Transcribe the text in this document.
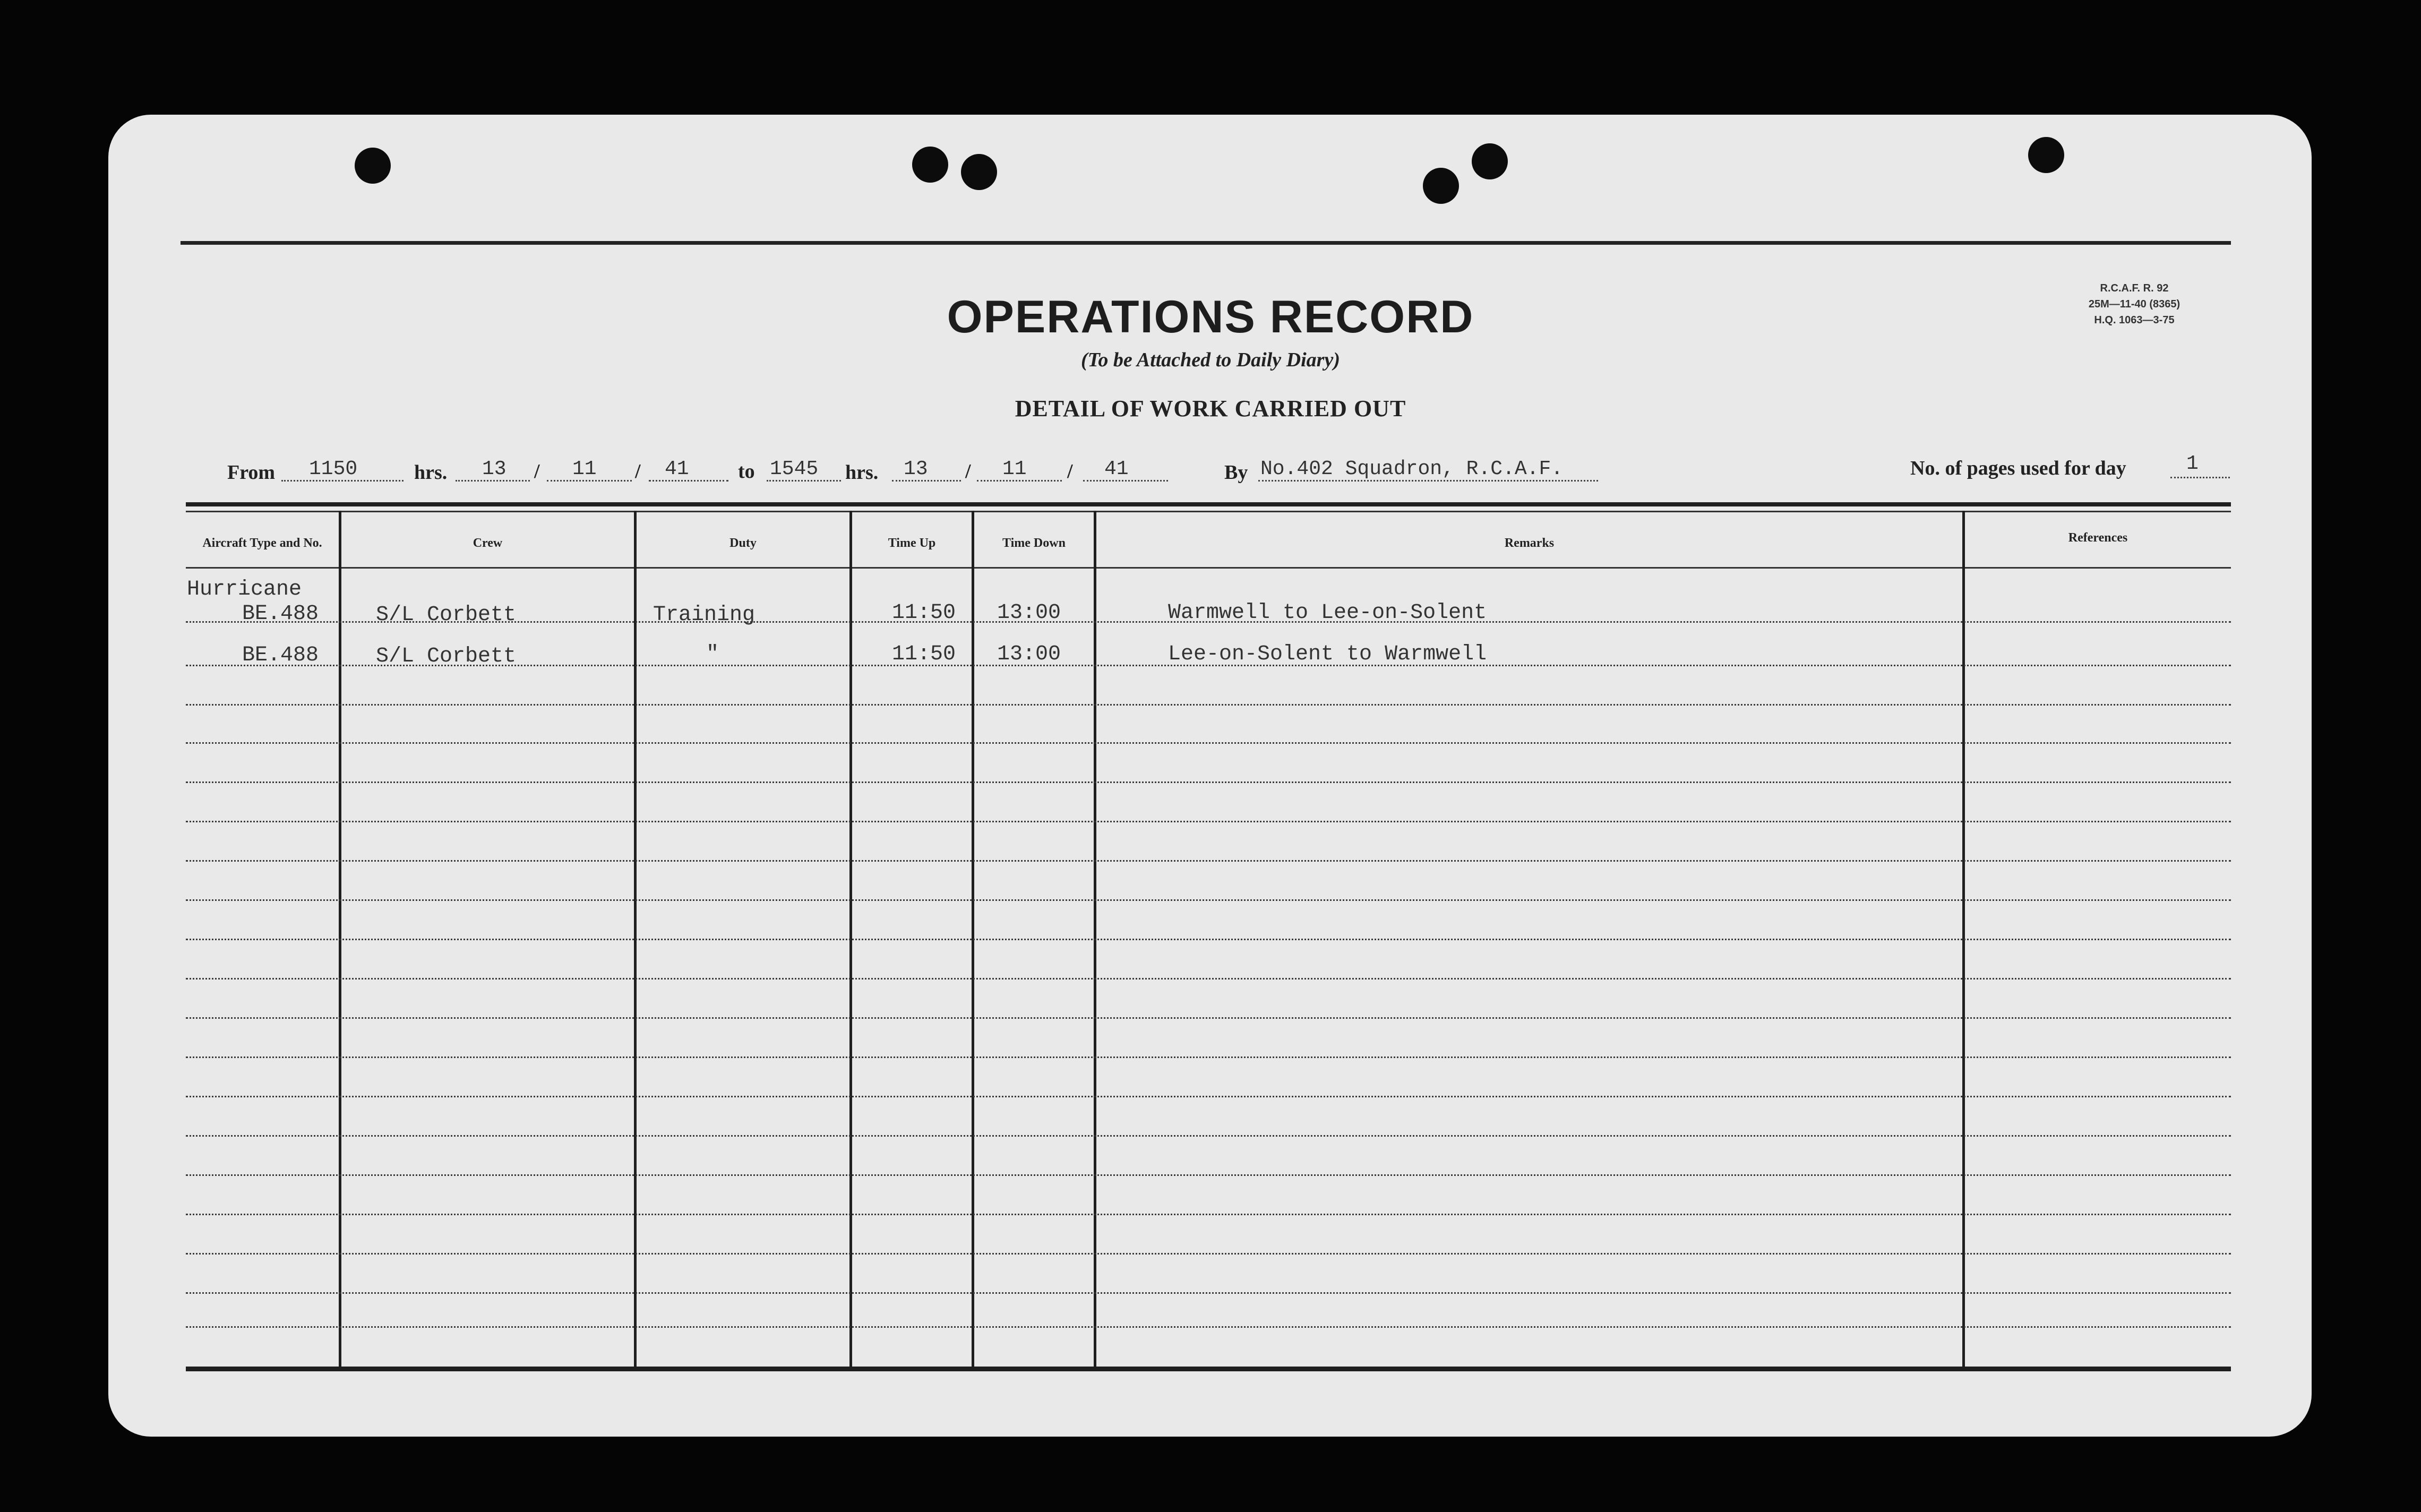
OPERATIONS RECORD
(To be Attached to Daily Diary)
DETAIL OF WORK CARRIED OUT
R.C.A.F. R. 92
25M—11-40 (8365)
H.Q. 1063—3-75
From 1150	hrs. 13 / 11 / 41 to 1545 hrs. 13 / 11 / 41	By No.402 Squadron, R.C.A.F.	No. of pages used for day	1
Aircraft Type and No.	Crew	Duty	Time Up	Time Down	Remarks	References
Hurricane
BE.488	S/L Corbett	Training	11:50 13:00	Warmwell to Lee-on-Solent
BE.488	S/L Corbett	"	11:50 13:00	Lee-on-Solent to Warmwell
